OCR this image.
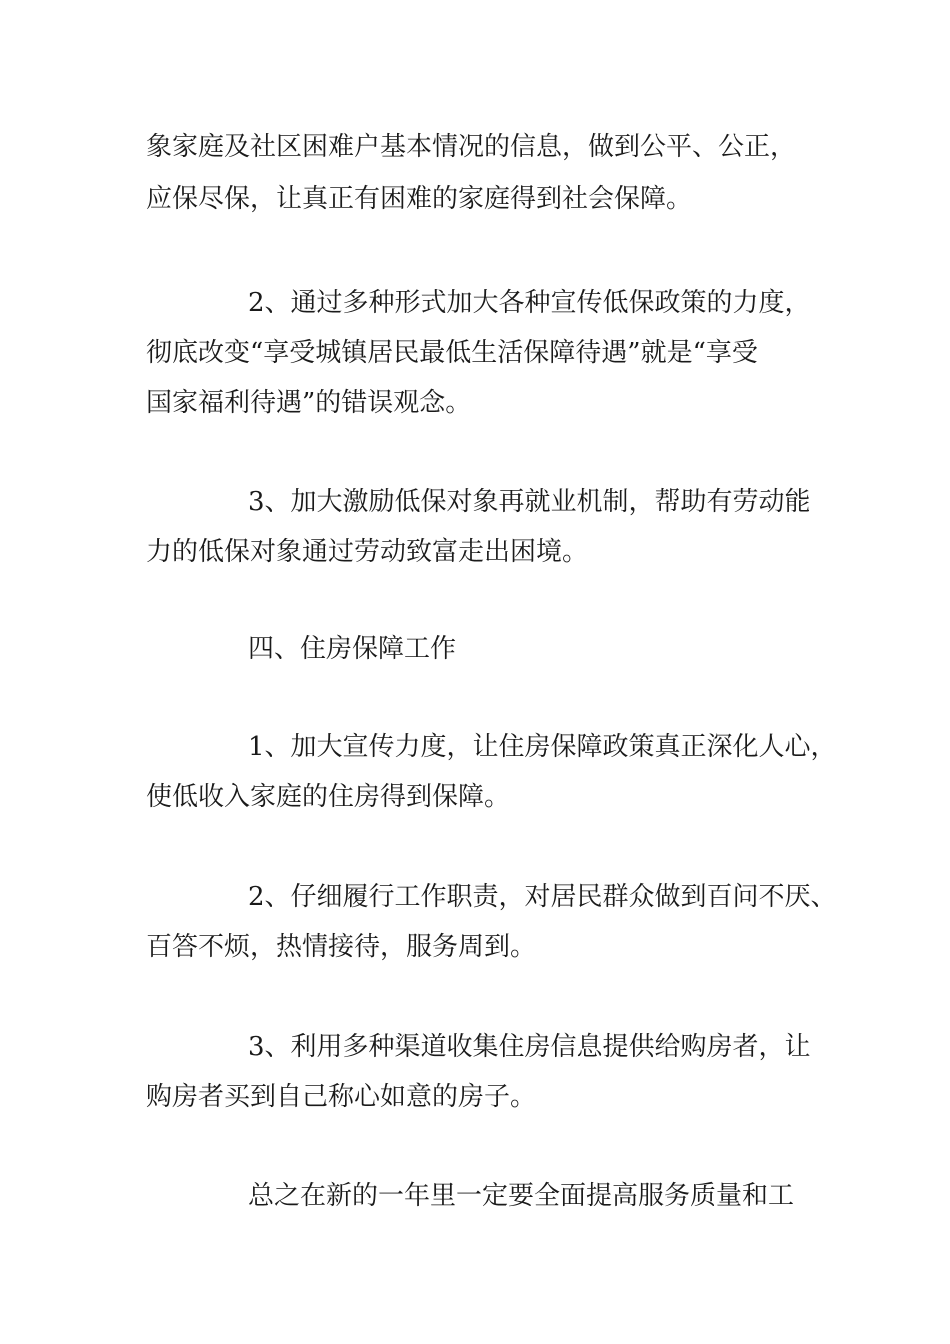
象家庭及社区困难户基本情况的信息，做到公平、公正，
应保尽保，让真正有困难的家庭得到社会保障。
2、通过多种形式加大各种宣传低保政策的力度，
彻底改变“享受城镇居民最低生活保障待遇”就是“享受
国家福利待遇”的错误观念。
3、加大激励低保对象再就业机制，帮助有劳动能
力的低保对象通过劳动致富走出困境。
四、住房保障工作
1、加大宣传力度，让住房保障政策真正深化人心，
使低收入家庭的住房得到保障。
2、仔细履行工作职责，对居民群众做到百问不厌、
百答不烦，热情接待，服务周到。
3、利用多种渠道收集住房信息提供给购房者，让
购房者买到自己称心如意的房子。
总之在新的一年里一定要全面提高服务质量和工
